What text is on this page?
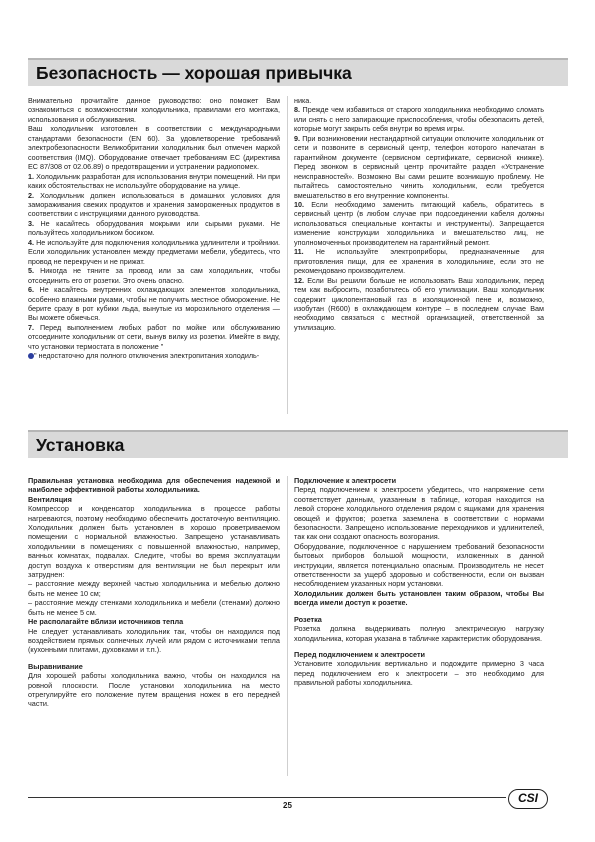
Безопасность — хорошая привычка

Внимательно прочитайте данное руководство: оно поможет Вам ознакомиться с возможностями холодильника, правилами его монтажа, использования и обслуживания.

Ваш холодильник изготовлен в соответствии с международными стандартами безопасности (EN 60). За удовлетворение требований электробезопасности Великобритании холодильник был отмечен маркой соответствия (IMQ). Оборудование отвечает требованиям ЕС (директива ЕС 87/308 от 02.06.89) о предотвращении и устранении радиопомех.

1. Холодильник разработан для использования внутри помещений. Ни при каких обстоятельствах не используйте оборудование на улице.

2. Холодильник должен использоваться в домашних условиях для замораживания свежих продуктов и хранения замороженных продуктов в соответствии с инструкциями данного руководства.

3. Не касайтесь оборудования мокрыми или сырыми руками. Не пользуйтесь холодильником босиком.

4. Не используйте для подключения холодильника удлинители и тройники. Если холодильник установлен между предметами мебели, убедитесь, что провод не перекручен и не прижат.

5. Никогда не тяните за провод или за сам холодильник, чтобы отсоединить его от розетки. Это очень опасно.

6. Не касайтесь внутренних охлаждающих элементов холодильника, особенно влажными руками, чтобы не получить местное обморожение. Не берите сразу в рот кубики льда, вынутые из морозильного отделения — Вы можете обжечься.

7. Перед выполнением любых работ по мойке или обслуживанию отсоедините холодильник от сети, вынув вилку из розетки. Имейте в виду, что установки термостата в положение "

" недостаточно для полного отключения электропитания холодиль-

ника.

8. Прежде чем избавиться от старого холодильника необходимо сломать или снять с него запирающие приспособления, чтобы обезопасить детей, которые могут закрыть себя внутри во время игры.

9. При возникновении нестандартной ситуации отключите холодильник от сети и позвоните в сервисный центр, телефон которого напечатан в гарантийном документе (сервисном сертификате, сервисной книжке). Перед звонком в сервисный центр прочитайте раздел «Устранение неисправностей». Возможно Вы сами решите возникшую проблему. Не пытайтесь самостоятельно чинить холодильник, если требуется вмешательство в его внутренние компоненты.

10. Если необходимо заменить питающий кабель, обратитесь в сервисный центр (в любом случае при подсоединении кабеля должны использоваться специальные контакты и инструменты). Запрещается изменение конструкции холодильника и вмешательство лиц, не уполномоченных производителем на гарантийный ремонт.

11. Не используйте электроприборы, предназначенные для приготовления пищи, для ее хранения в холодильнике, если это не рекомендовано производителем.

12. Если Вы решили больше не использовать Ваш холодильник, перед тем как выбросить, позаботьтесь об его утилизации. Ваш холодильник содержит циклопентановый газ в изоляционной пене и, возможно, изобутан (R600) в охлаждающем контуре – в последнем случае Вам необходимо связаться с местной организацией, ответственной за утилизацию.

Установка

Правильная установка необходима для обеспечения надежной и наиболее эффективной работы холодильника.

Вентиляция

Компрессор и конденсатор холодильника в процессе работы нагреваются, поэтому необходимо обеспечить достаточную вентиляцию. Холодильник должен быть установлен в хорошо проветриваемом помещении с нормальной влажностью. Запрещено устанавливать холодильники в помещениях с повышенной влажностью, например, ванных комнатах, подвалах. Следите, чтобы во время эксплуатации доступ воздуха к отверстиям для вентиляции не был перекрыт или затруднен:

– расстояние между верхней частью холодильника и мебелью должно быть не менее 10 см;

– расстояние между стенками холодильника и мебели (стенами) должно быть не менее 5 см.

Не располагайте вблизи источников тепла

Не следует устанавливать холодильник так, чтобы он находился под воздействием прямых солнечных лучей или рядом с источниками тепла (кухонными плитами, духовками и т.п.).

Выравнивание

Для хорошей работы холодильника важно, чтобы он находился на ровной плоскости. После установки холодильника на место отрегулируйте его положение путем вращения ножек в его передней части.

Подключение к электросети

Перед подключением к электросети убедитесь, что напряжение сети соответствует данным, указанным в таблице, которая находится на левой стороне холодильного отделения рядом с ящиками для хранения овощей и фруктов; розетка заземлена в соответствии с нормами безопасности. Запрещено использование переходников и удлинителей, так как они создают опасность возгорания.

Оборудование, подключенное с нарушением требований безопасности бытовых приборов большой мощности, изложенных в данной инструкции, является потенциально опасным. Производитель не несет ответственности за ущерб здоровью и собственности, если он вызван несоблюдением указанных норм установки.

Холодильник должен быть установлен таким образом, чтобы Вы всегда имели доступ к розетке.

Розетка

Розетка должна выдерживать полную электрическую нагрузку холодильника, которая указана в табличке характеристик оборудования.

Перед подключением к электросети

Установите холодильник вертикально и подождите примерно 3 часа перед подключением его к электросети – это необходимо для правильной работы холодильника.

25
CSI
